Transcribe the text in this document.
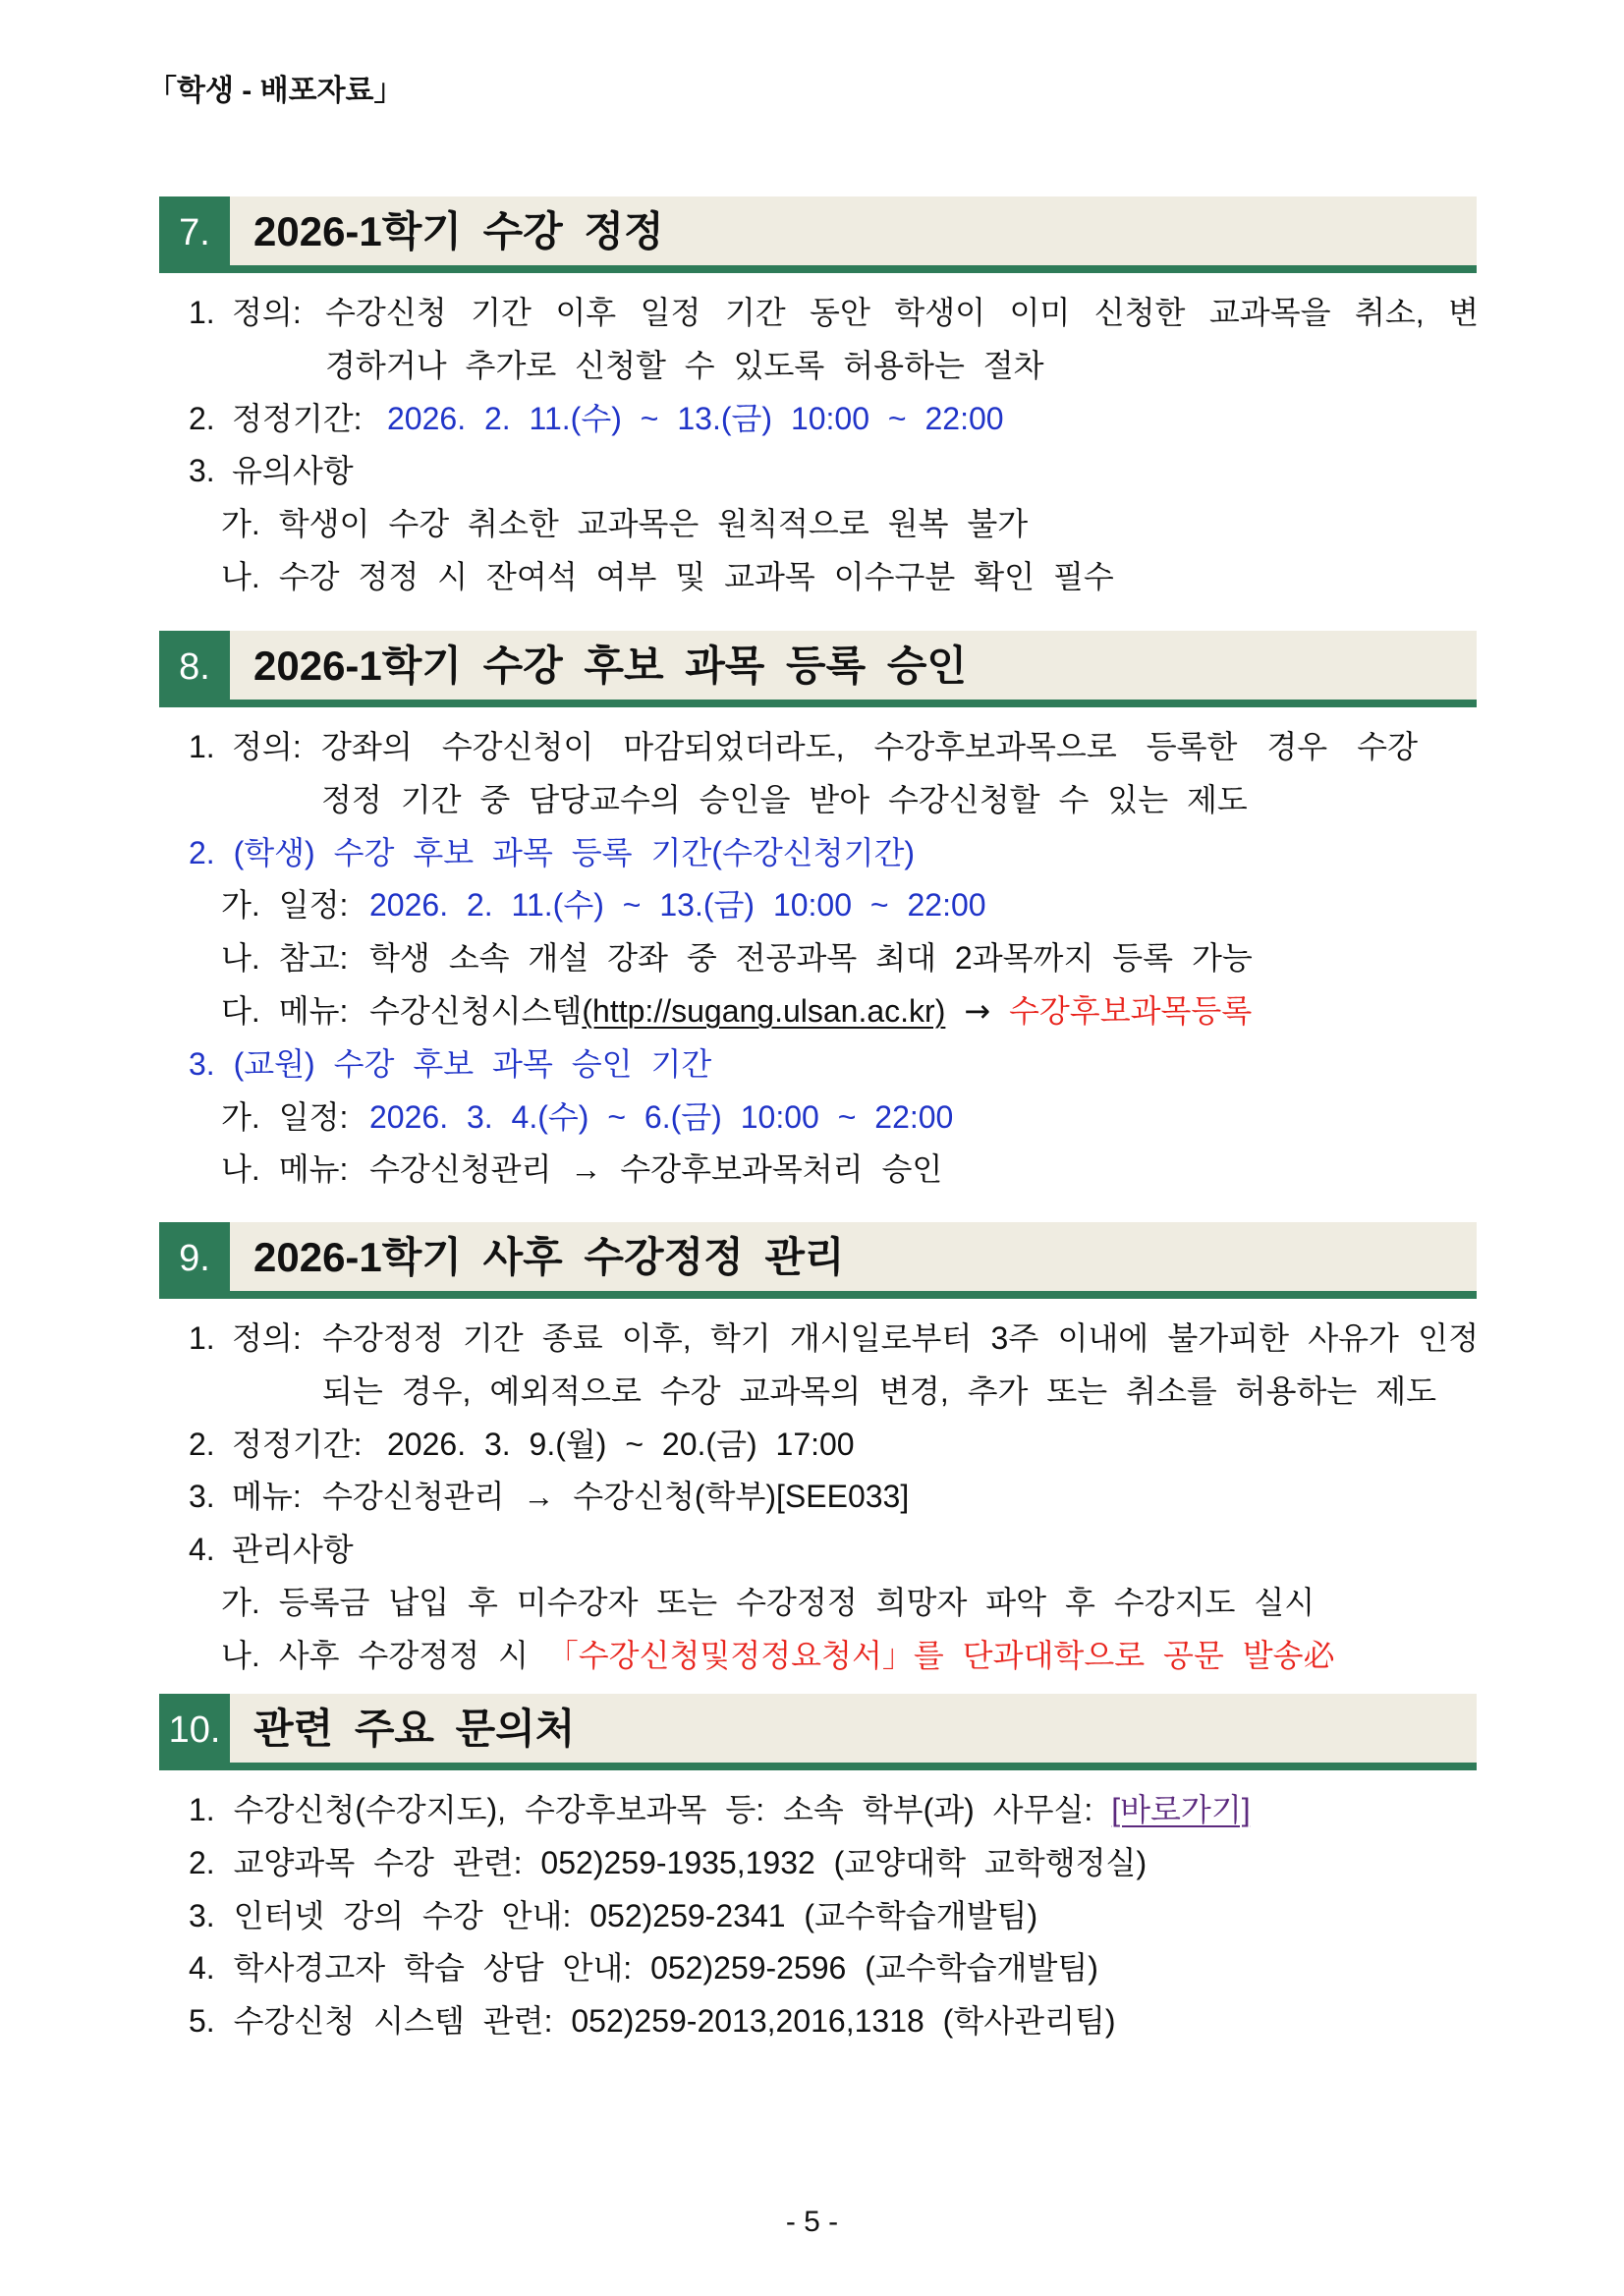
「학생 - 배포자료」
7.	2026-1학기 수강 정정
1. 정의: 수강신청 기간 이후 일정 기간 동안 학생이 이미 신청한 교과목을 취소, 변
경하거나 추가로 신청할 수 있도록 허용하는 절차
2. 정정기간: 2026. 2. 11.(수) ~ 13.(금) 10:00 ~ 22:00
3. 유의사항
가. 학생이 수강 취소한 교과목은 원칙적으로 원복 불가
나. 수강 정정 시 잔여석 여부 및 교과목 이수구분 확인 필수
8.	2026-1학기 수강 후보 과목 등록 승인
1. 정의: 강좌의 수강신청이 마감되었더라도, 수강후보과목으로 등록한 경우 수강
정정 기간 중 담당교수의 승인을 받아 수강신청할 수 있는 제도
2. (학생) 수강 후보 과목 등록 기간(수강신청기간)
가. 일정: 2026. 2. 11.(수) ~ 13.(금) 10:00 ~ 22:00
나. 참고: 학생 소속 개설 강좌 중 전공과목 최대 2과목까지 등록 가능
다. 메뉴: 수강신청시스템(http://sugang.ulsan.ac.kr) → 수강후보과목등록
3. (교원) 수강 후보 과목 승인 기간
가. 일정: 2026. 3. 4.(수) ~ 6.(금) 10:00 ~ 22:00
나. 메뉴: 수강신청관리 → 수강후보과목처리 승인
9.	2026-1학기 사후 수강정정 관리
1. 정의: 수강정정 기간 종료 이후, 학기 개시일로부터 3주 이내에 불가피한 사유가 인정
되는 경우, 예외적으로 수강 교과목의 변경, 추가 또는 취소를 허용하는 제도
2. 정정기간: 2026. 3. 9.(월) ~ 20.(금) 17:00
3. 메뉴: 수강신청관리 → 수강신청(학부)[SEE033]
4. 관리사항
가. 등록금 납입 후 미수강자 또는 수강정정 희망자 파악 후 수강지도 실시
나. 사후 수강정정 시 「수강신청및정정요청서」를 단과대학으로 공문 발송必
10. 관련 주요 문의처
1. 수강신청(수강지도), 수강후보과목 등: 소속 학부(과) 사무실: [바로가기]
2. 교양과목 수강 관련: 052)259-1935,1932 (교양대학 교학행정실)
3. 인터넷 강의 수강 안내: 052)259-2341 (교수학습개발팀)
4. 학사경고자 학습 상담 안내: 052)259-2596 (교수학습개발팀)
5. 수강신청 시스템 관련: 052)259-2013,2016,1318 (학사관리팀)
- 5 -
